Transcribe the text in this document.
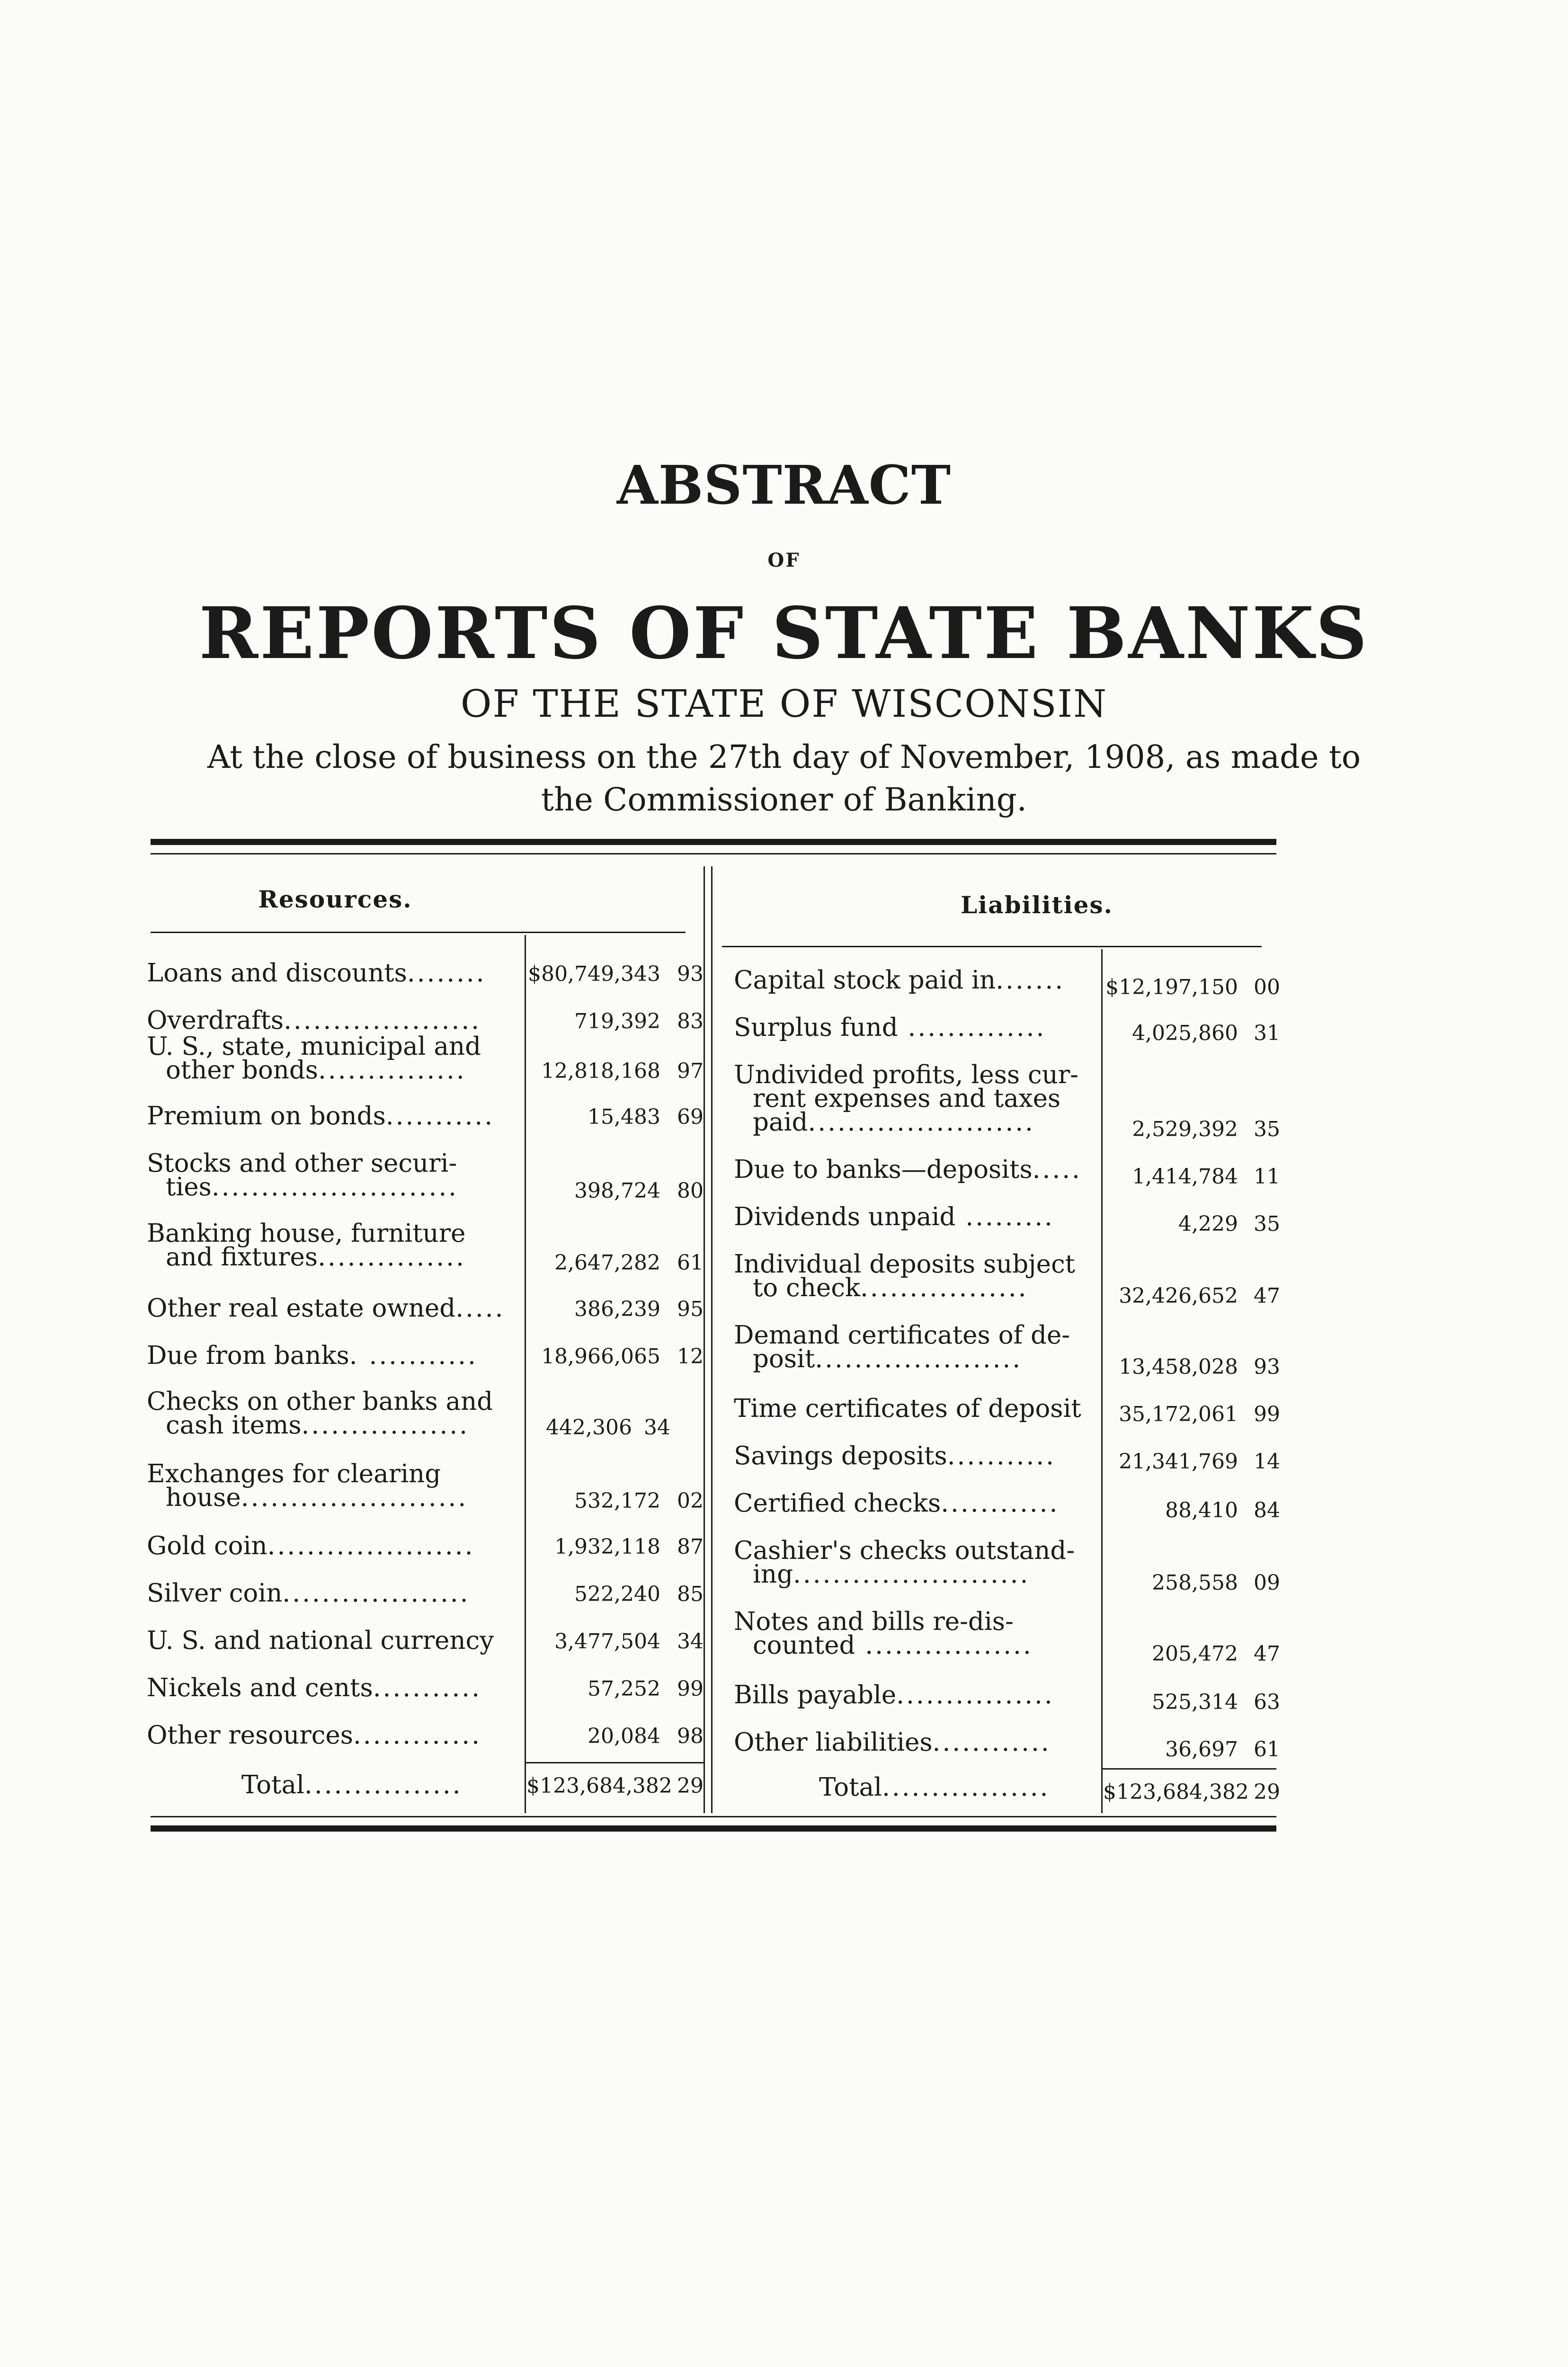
ABSTRACT
OF
REPORTS OF STATE BANKS
OF THE STATE OF WISCONSIN
At the close of business on the 27th day of November, 1908, as made to
the Commissioner of Banking.
Resources.	Liabilities.
Loans and discounts........	$80,749,343 93
Overdrafts....................	719,392 83
U. S., state, municipal and
other bonds...............	12,818,168 97
Premium on bonds...........	15,483 69
Stocks and other securi-
ties.........................	398,724 80
Banking house, furniture
and fixtures...............	2,647,282 61
Other real estate owned.....	386,239 95
Due from banks. ...........	18,966,065 12
Checks on other banks and
cash items.................	442,306 34
Exchanges for clearing
house.......................	532,172 02
Gold coin.....................	1,932,118 87
Silver coin...................	522,240 85
U. S. and national currency	3,477,504 34
Nickels and cents...........	57,252 99
Other resources.............	20,084 98
Total................	$123,684,382 29
Capital stock paid in.......	$12,197,150 00
Surplus fund ..............	4,025,860 31
Undivided profits, less cur-
rent expenses and taxes
paid.......................	2,529,392 35
Due to banks—deposits.....	1,414,784 11
Dividends unpaid .........	4,229 35
Individual deposits subject
to check.................	32,426,652 47
Demand certificates of de-
posit.....................	13,458,028 93
Time certificates of deposit	35,172,061 99
Savings deposits...........	21,341,769 14
Certified checks............	88,410 84
Cashier's checks outstand-
ing........................	258,558 09
Notes and bills re-dis-
counted .................	205,472 47
Bills payable................	525,314 63
Other liabilities............	36,697 61
Total.................	$123,684,382 29
